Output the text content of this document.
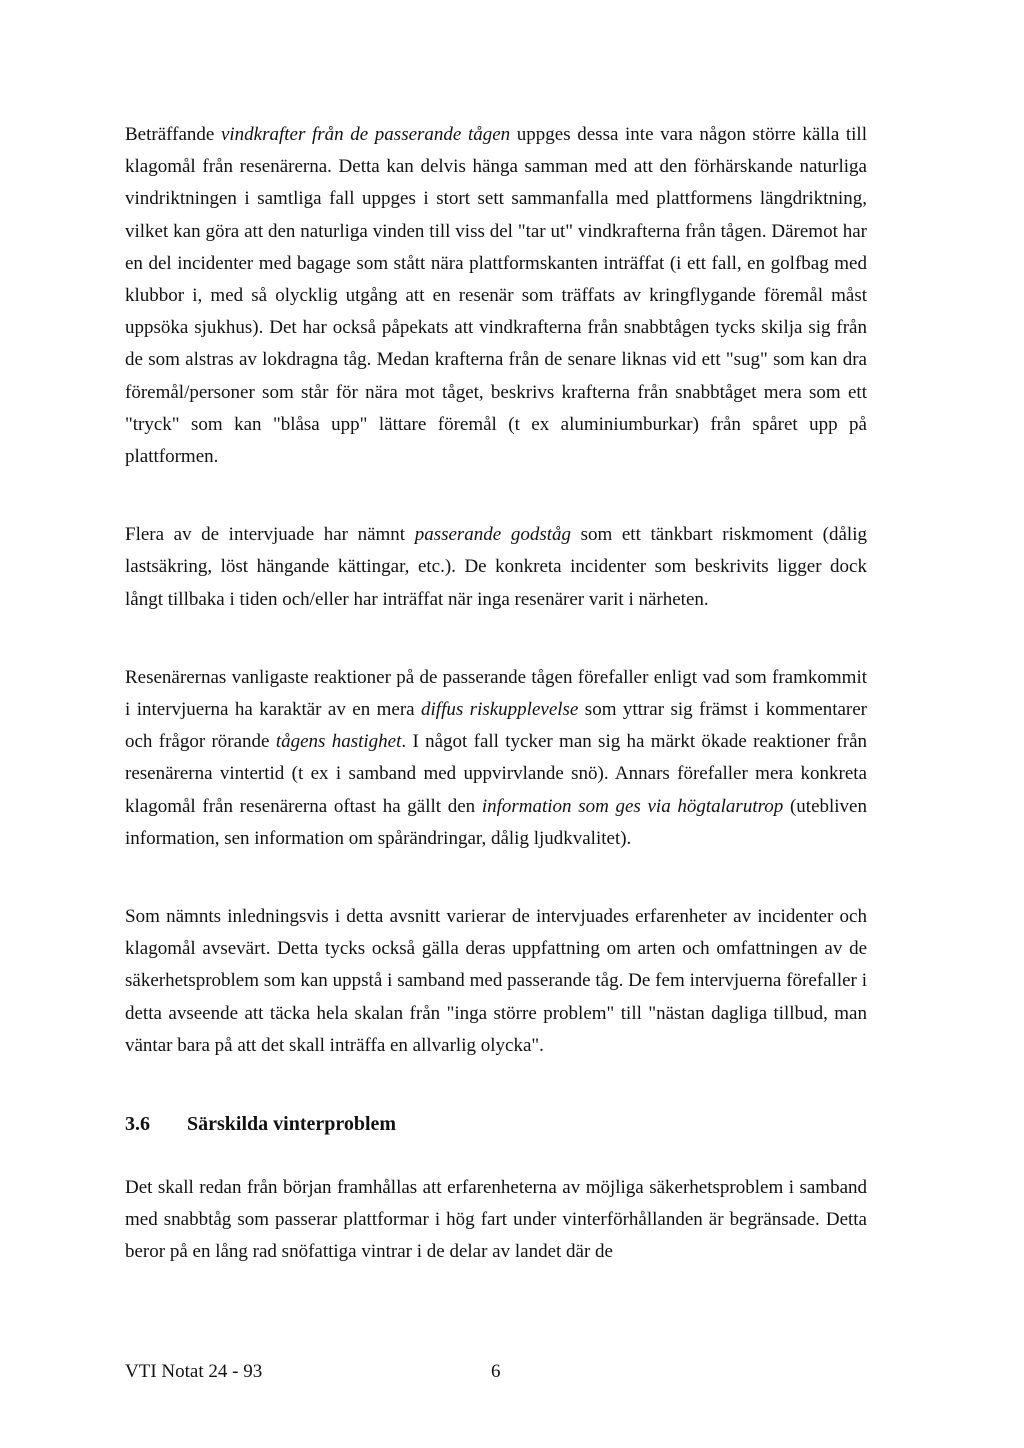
Beträffande vindkrafter från de passerande tågen uppges dessa inte vara någon större källa till klagomål från resenärerna. Detta kan delvis hänga samman med att den förhärskande naturliga vindriktningen i samtliga fall uppges i stort sett sammanfalla med plattformens längdriktning, vilket kan göra att den naturliga vinden till viss del "tar ut" vindkrafterna från tågen. Däremot har en del incidenter med bagage som stått nära plattformskanten inträffat (i ett fall, en golfbag med klubbor i, med så olycklig utgång att en resenär som träffats av kringflygande föremål måst uppsöka sjukhus). Det har också påpekats att vindkrafterna från snabbtågen tycks skilja sig från de som alstras av lokdragna tåg. Medan krafterna från de senare liknas vid ett "sug" som kan dra föremål/personer som står för nära mot tåget, beskrivs krafterna från snabbtåget mera som ett "tryck" som kan "blåsa upp" lättare föremål (t ex aluminiumburkar) från spåret upp på plattformen.

Flera av de intervjuade har nämnt passerande godståg som ett tänkbart riskmoment (dålig lastsäkring, löst hängande kättingar, etc.). De konkreta incidenter som beskrivits ligger dock långt tillbaka i tiden och/eller har inträffat när inga resenärer varit i närheten.

Resenärernas vanligaste reaktioner på de passerande tågen förefaller enligt vad som framkommit i intervjuerna ha karaktär av en mera diffus riskupplevelse som yttrar sig främst i kommentarer och frågor rörande tågens hastighet. I något fall tycker man sig ha märkt ökade reaktioner från resenärerna vintertid (t ex i samband med uppvirvlande snö). Annars förefaller mera konkreta klagomål från resenärerna oftast ha gällt den information som ges via högtalarutrop (utebliven information, sen information om spårändringar, dålig ljudkvalitet).

Som nämnts inledningsvis i detta avsnitt varierar de intervjuades erfarenheter av incidenter och klagomål avsevärt. Detta tycks också gälla deras uppfattning om arten och omfattningen av de säkerhetsproblem som kan uppstå i samband med passerande tåg. De fem intervjuerna förefaller i detta avseende att täcka hela skalan från "inga större problem" till "nästan dagliga tillbud, man väntar bara på att det skall inträffa en allvarlig olycka".

3.6	Särskilda vinterproblem

Det skall redan från början framhållas att erfarenheterna av möjliga säkerhetsproblem i samband med snabbtåg som passerar plattformar i hög fart under vinterförhållanden är begränsade. Detta beror på en lång rad snöfattiga vintrar i de delar av landet där de

VTI Notat 24 - 93	6
